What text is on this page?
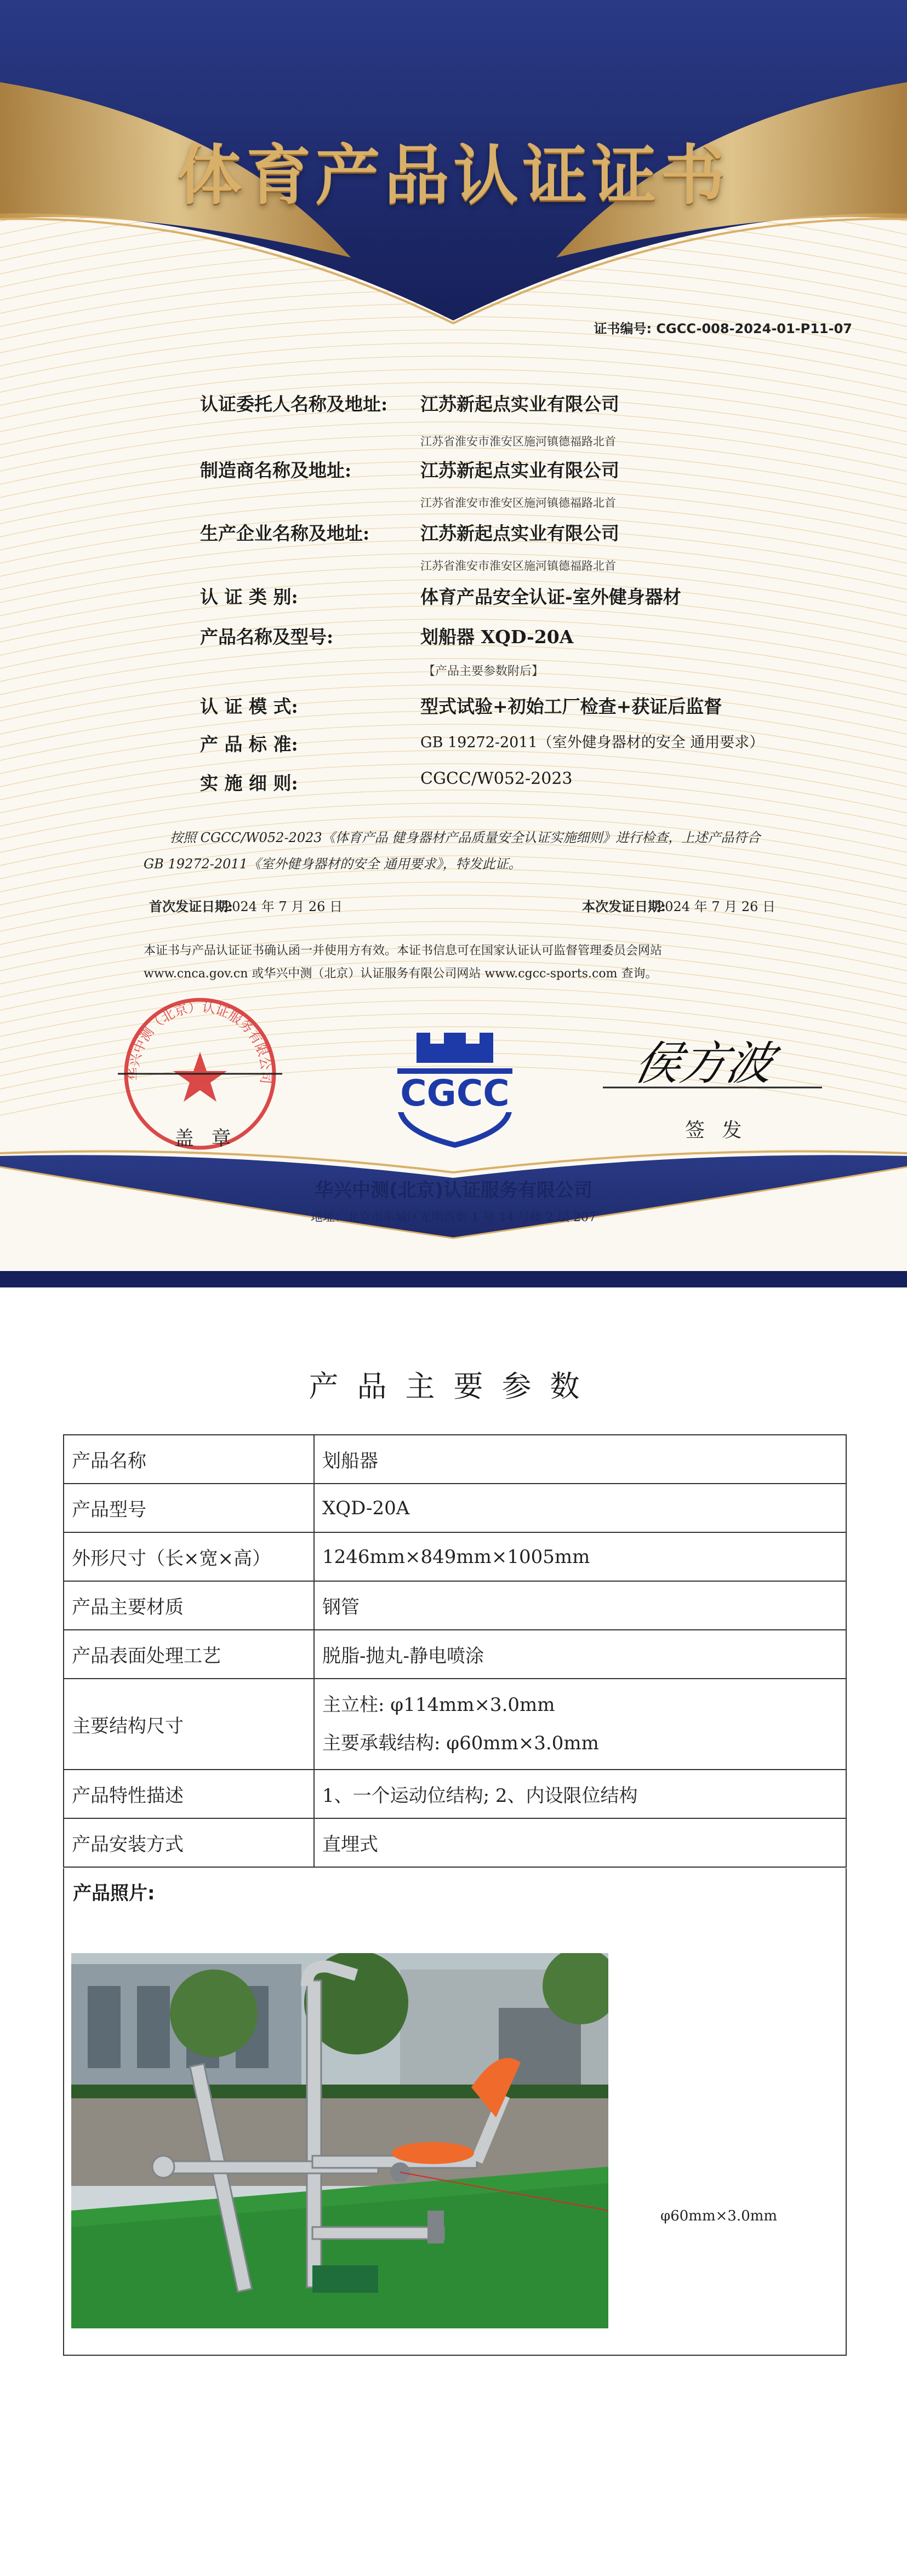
体育产品认证证书
证书编号: CGCC-008-2024-01-P11-07
认证委托人名称及地址: 江苏新起点实业有限公司
江苏省淮安市淮安区施河镇德福路北首
制造商名称及地址:	江苏新起点实业有限公司
江苏省淮安市淮安区施河镇德福路北首
生产企业名称及地址:	江苏新起点实业有限公司
江苏省淮安市淮安区施河镇德福路北首
认 证 类 别:	体育产品安全认证-室外健身器材
产品名称及型号:	划船器 XQD-20A
【产品主要参数附后】
认 证 模 式:	型式试验+初始工厂检查+获证后监督
产 品 标 准:	GB 19272-2011（室外健身器材的安全 通用要求）
实 施 细 则:	CGCC/W052-2023
按照 CGCC/W052-2023《体育产品 健身器材产品质量安全认证实施细则》进行检查，上述产品符合 GB 19272-2011《室外健身器材的安全 通用要求》，特发此证。
首次发证日期:
2024 年 7 月 26 日	本次发证日期:
2024 年 7 月 26 日
本证书与产品认证证书确认函一并使用方有效。本证书信息可在国家认证认可监督管理委员会网站 www.cnca.gov.cn 或华兴中测（北京）认证服务有限公司网站 www.cgcc-sports.com 查询。
华兴中测（北京）认证服务有限公司
盖 章
CGCC
侯方波
签 发
华兴中测(北京)认证服务有限公司
地址：北京市东城区光明西街 1 号 14 号楼 2 层 207
产品主要参数
产品名称	划船器
产品型号	XQD-20A
外形尺寸（长×宽×高）	1246mm×849mm×1005mm
产品主要材质	钢管
产品表面处理工艺	脱脂-抛丸-静电喷涂
主要结构尺寸	主立柱: φ114mm×3.0mm
主要承载结构: φ60mm×3.0mm

产品特性描述	1、一个运动位结构; 2、内设限位结构
产品安装方式	直埋式
产品照片:
φ60mm×3.0mm
